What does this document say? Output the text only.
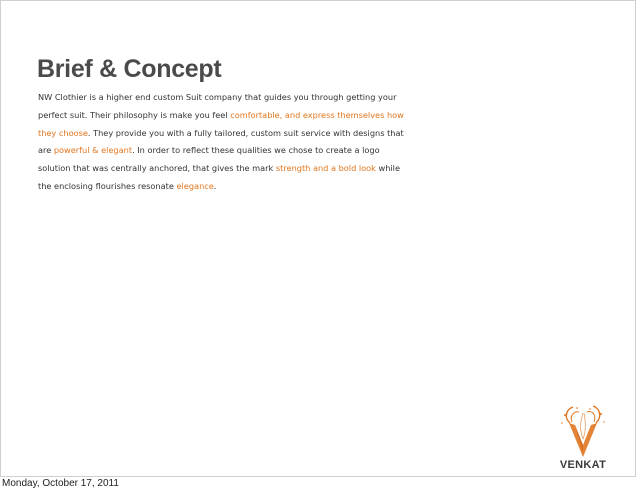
Brief & Concept
NW Clothier is a higher end custom Suit company that guides you through getting your
perfect suit. Their philosophy is make you feel comfortable, and express themselves how
they choose. They provide you with a fully tailored, custom suit service with designs that
are powerful & elegant. In order to reflect these qualities we chose to create a logo
solution that was centrally anchored, that gives the mark strength and a bold look while
the enclosing flourishes resonate elegance.
VENKAT
Monday, October 17, 2011
